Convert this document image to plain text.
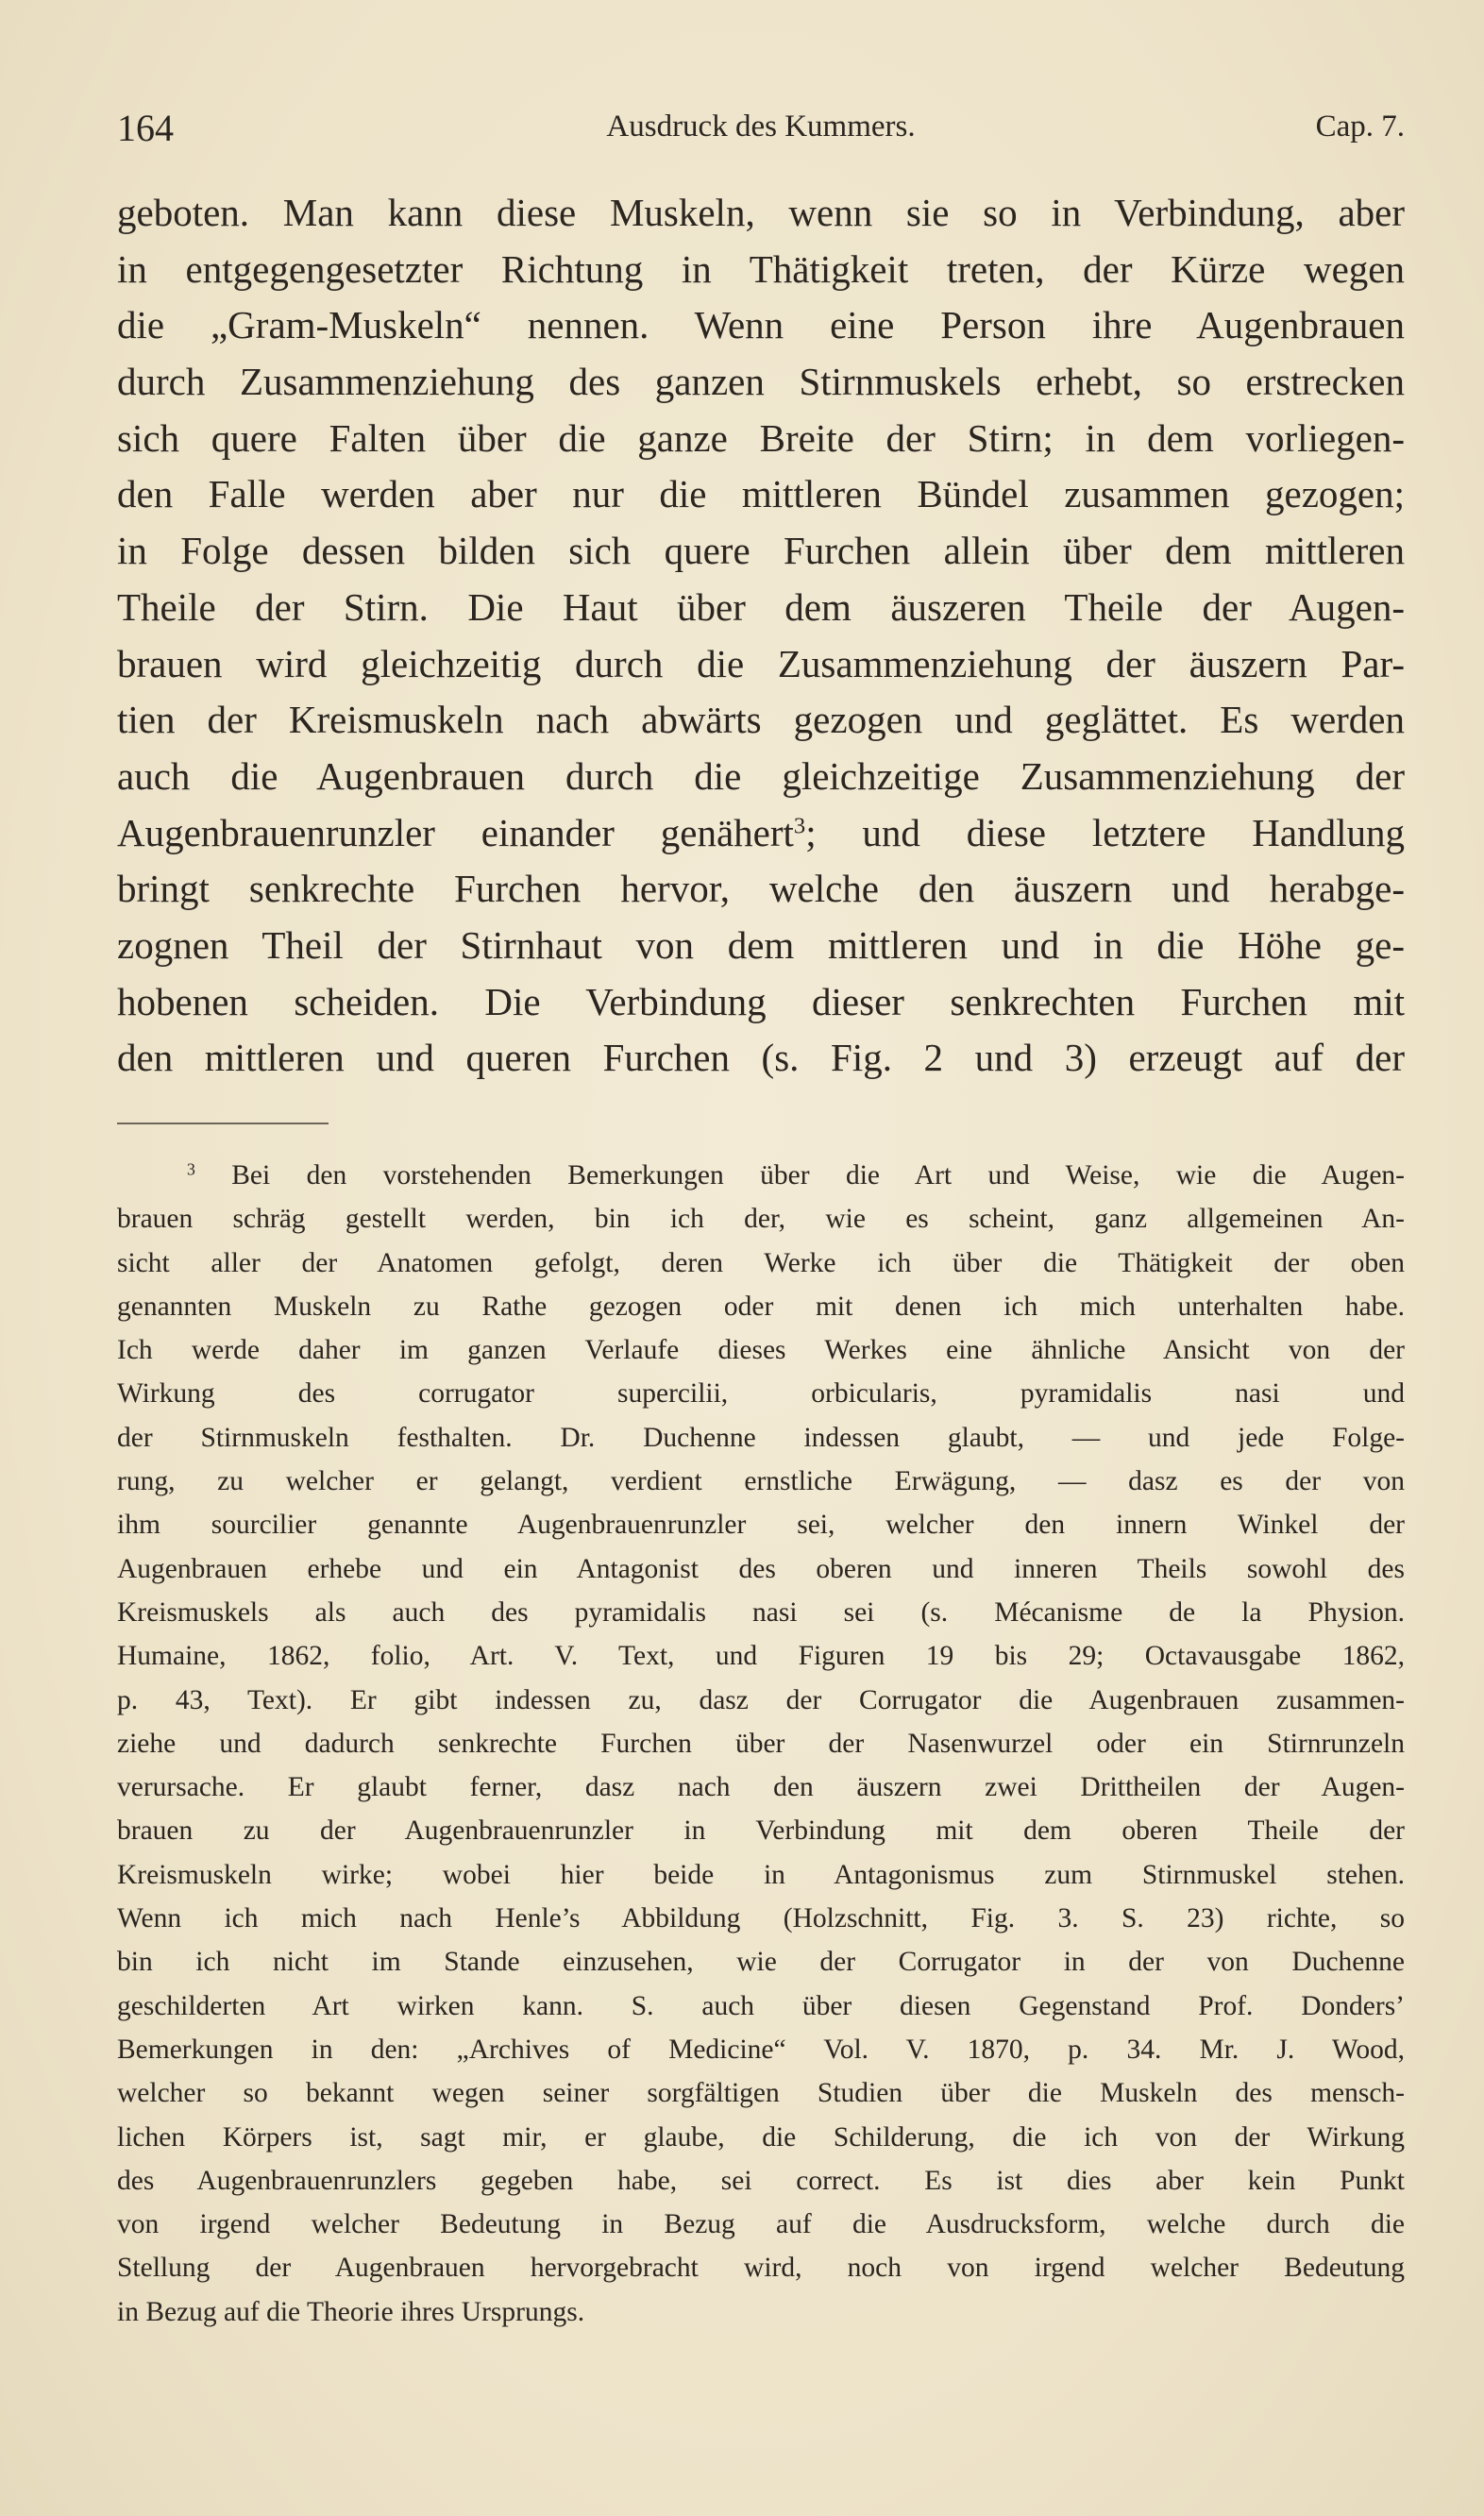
164	Ausdruck des Kummers.	Cap. 7.
geboten. Man kann diese Muskeln, wenn sie so in Verbindung, aber
in entgegengesetzter Richtung in Thätigkeit treten, der Kürze wegen
die „Gram-Muskeln“ nennen. Wenn eine Person ihre Augenbrauen
durch Zusammenziehung des ganzen Stirnmuskels erhebt, so erstrecken
sich quere Falten über die ganze Breite der Stirn; in dem vorliegen-
den Falle werden aber nur die mittleren Bündel zusammen gezogen;
in Folge dessen bilden sich quere Furchen allein über dem mittleren
Theile der Stirn. Die Haut über dem äuszeren Theile der Augen-
brauen wird gleichzeitig durch die Zusammenziehung der äuszern Par-
tien der Kreismuskeln nach abwärts gezogen und geglättet. Es werden
auch die Augenbrauen durch die gleichzeitige Zusammenziehung der
Augenbrauenrunzler einander genähert$^3$; und diese letztere Handlung
bringt senkrechte Furchen hervor, welche den äuszern und herabge-
zognen Theil der Stirnhaut von dem mittleren und in die Höhe ge-
hobenen scheiden. Die Verbindung dieser senkrechten Furchen mit
den mittleren und queren Furchen (s. Fig. 2 und 3) erzeugt auf der
$^3$ Bei den vorstehenden Bemerkungen über die Art und Weise, wie die Augen-
brauen schräg gestellt werden, bin ich der, wie es scheint, ganz allgemeinen An-
sicht aller der Anatomen gefolgt, deren Werke ich über die Thätigkeit der oben
genannten Muskeln zu Rathe gezogen oder mit denen ich mich unterhalten habe.
Ich werde daher im ganzen Verlaufe dieses Werkes eine ähnliche Ansicht von der
Wirkung des corrugator supercilii, orbicularis, pyramidalis nasi und
der Stirnmuskeln festhalten. Dr. Duchenne indessen glaubt, — und jede Folge-
rung, zu welcher er gelangt, verdient ernstliche Erwägung, — dasz es der von
ihm sourcilier genannte Augenbrauenrunzler sei, welcher den innern Winkel der
Augenbrauen erhebe und ein Antagonist des oberen und inneren Theils sowohl des
Kreismuskels als auch des pyramidalis nasi sei (s. Mécanisme de la Physion.
Humaine, 1862, folio, Art. V. Text, und Figuren 19 bis 29; Octavausgabe 1862,
p. 43, Text). Er gibt indessen zu, dasz der Corrugator die Augenbrauen zusammen-
ziehe und dadurch senkrechte Furchen über der Nasenwurzel oder ein Stirnrunzeln
verursache. Er glaubt ferner, dasz nach den äuszern zwei Drittheilen der Augen-
brauen zu der Augenbrauenrunzler in Verbindung mit dem oberen Theile der
Kreismuskeln wirke; wobei hier beide in Antagonismus zum Stirnmuskel stehen.
Wenn ich mich nach Henle’s Abbildung (Holzschnitt, Fig. 3. S. 23) richte, so
bin ich nicht im Stande einzusehen, wie der Corrugator in der von Duchenne
geschilderten Art wirken kann. S. auch über diesen Gegenstand Prof. Donders’
Bemerkungen in den: „Archives of Medicine“ Vol. V. 1870, p. 34. Mr. J. Wood,
welcher so bekannt wegen seiner sorgfältigen Studien über die Muskeln des mensch-
lichen Körpers ist, sagt mir, er glaube, die Schilderung, die ich von der Wirkung
des Augenbrauenrunzlers gegeben habe, sei correct. Es ist dies aber kein Punkt
von irgend welcher Bedeutung in Bezug auf die Ausdrucksform, welche durch die
Stellung der Augenbrauen hervorgebracht wird, noch von irgend welcher Bedeutung
in Bezug auf die Theorie ihres Ursprungs.
